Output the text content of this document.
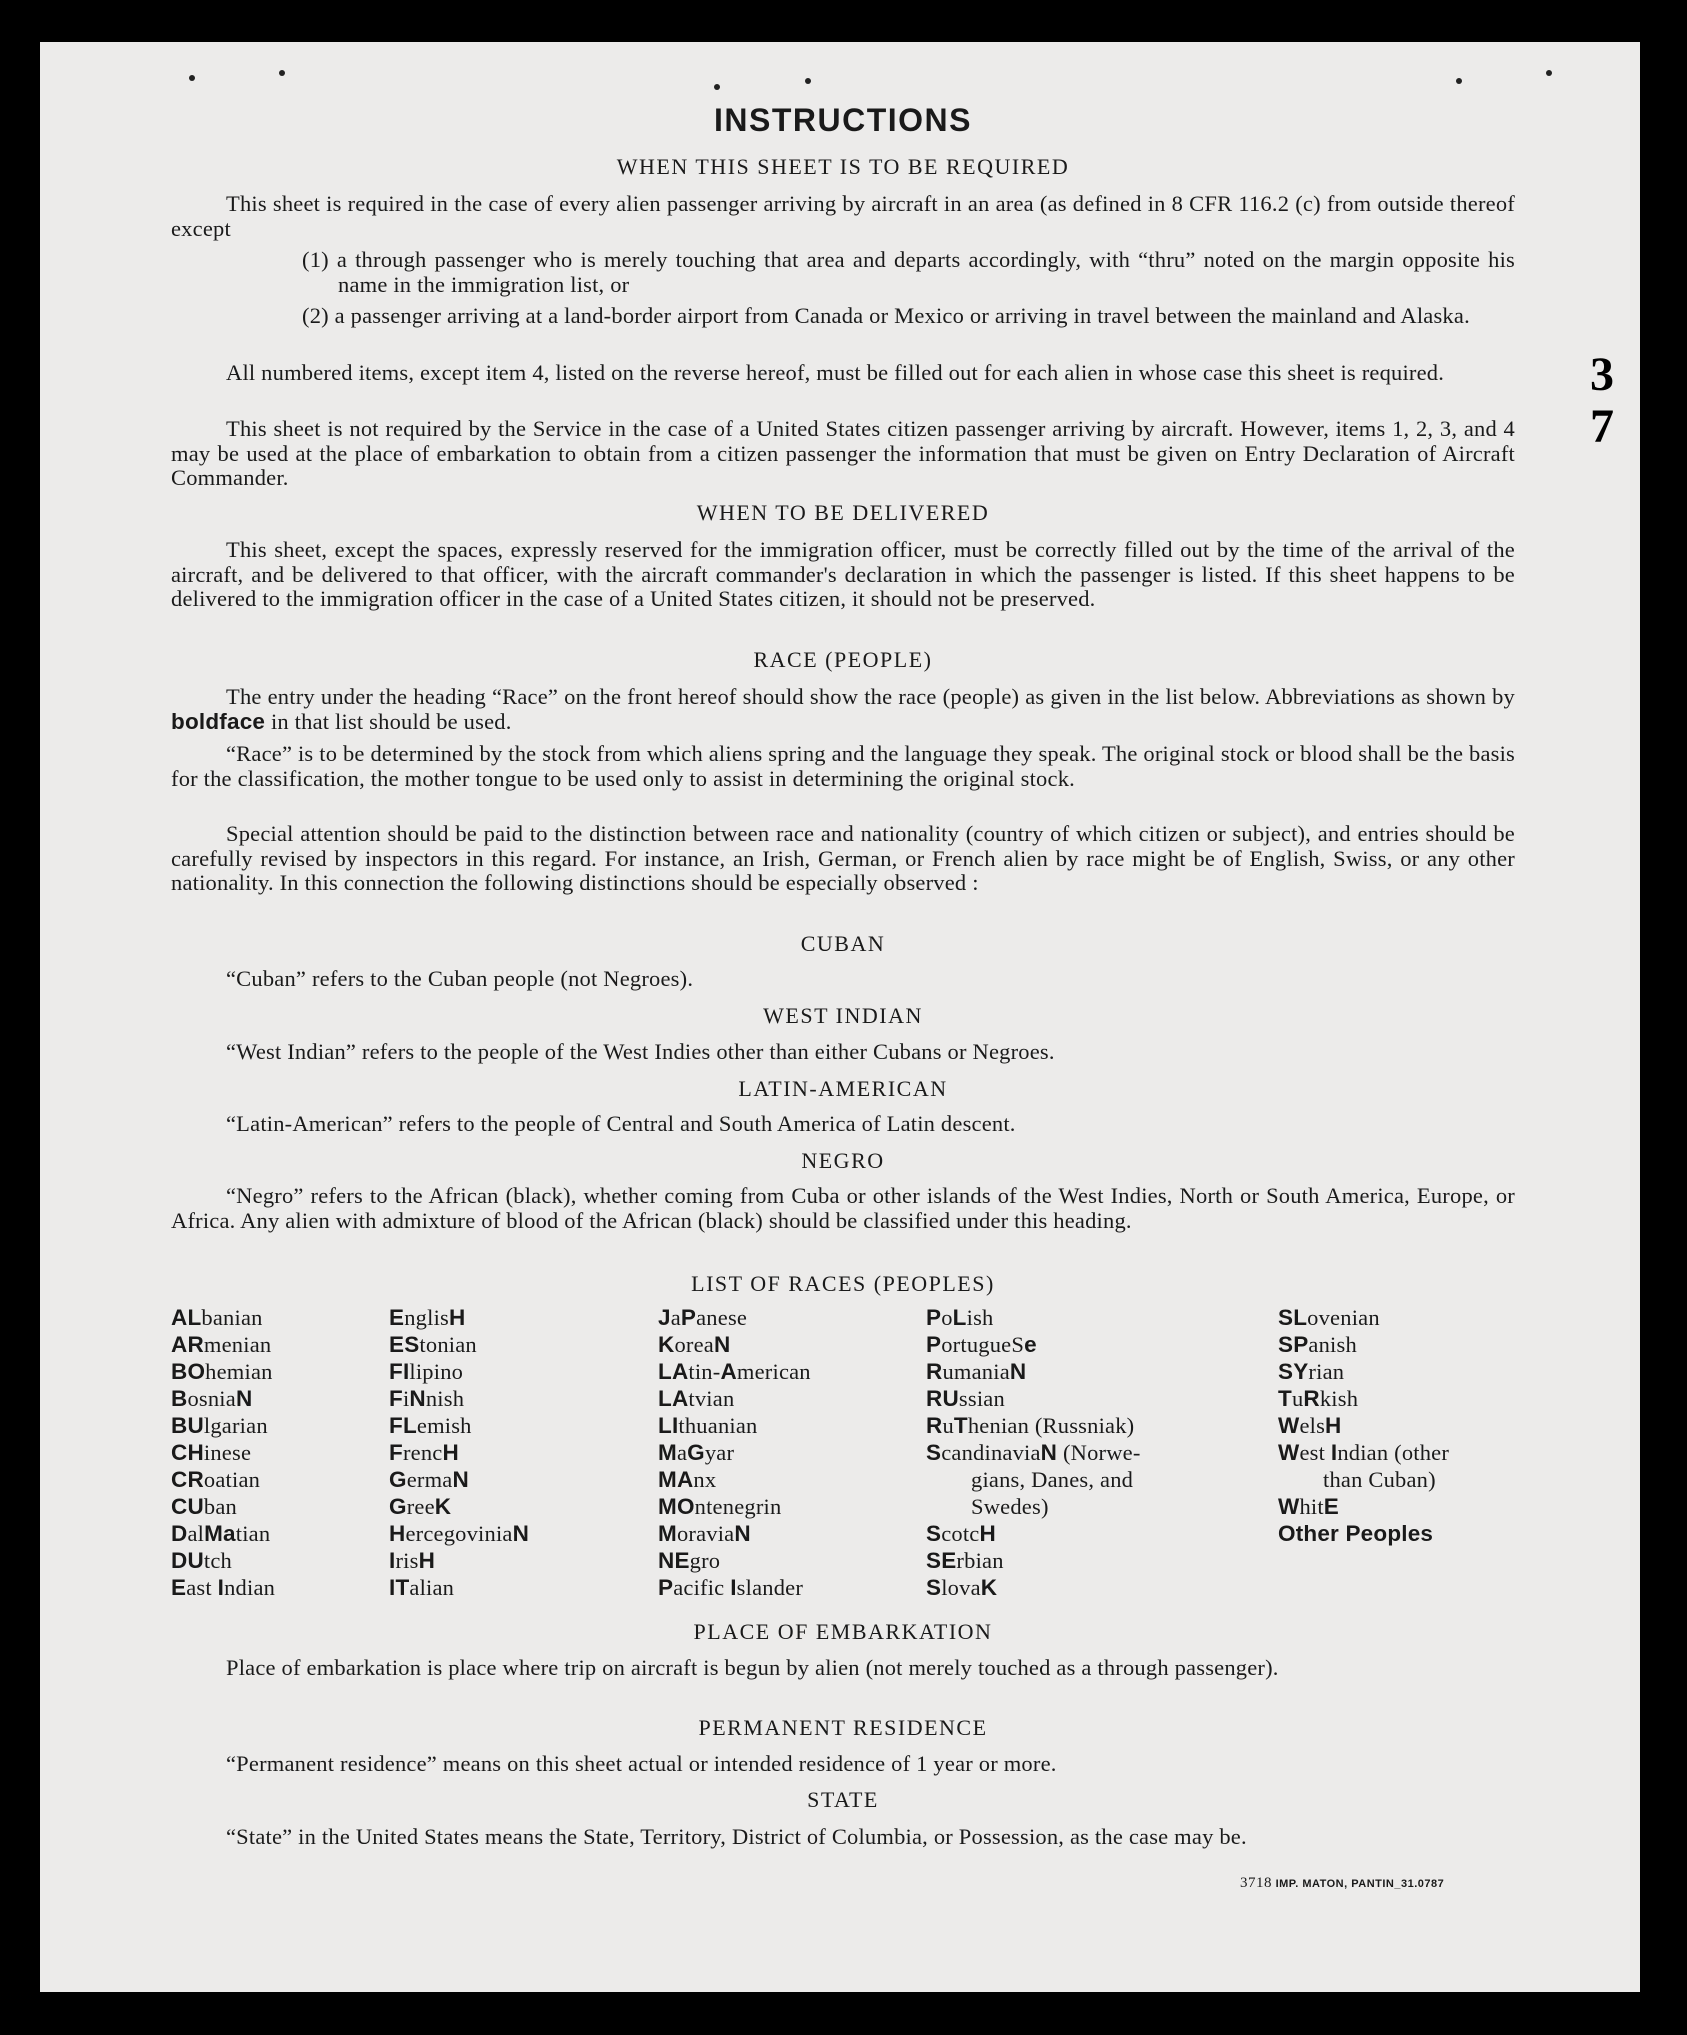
INSTRUCTIONS
WHEN THIS SHEET IS TO BE REQUIRED
This sheet is required in the case of every alien passenger arriving by aircraft in an area (as defined in 8 CFR 116.2 (c) from outside thereof except
(1) a through passenger who is merely touching that area and departs accordingly, with “thru” noted on the margin opposite his name in the immigration list, or
(2) a passenger arriving at a land-border airport from Canada or Mexico or arriving in travel between the mainland and Alaska.
All numbered items, except item 4, listed on the reverse hereof, must be filled out for each alien in whose case this sheet is required.
This sheet is not required by the Service in the case of a United States citizen passenger arriving by aircraft. However, items 1, 2, 3, and 4 may be used at the place of embarkation to obtain from a citizen passenger the information that must be given on Entry Declaration of Aircraft Commander.
WHEN TO BE DELIVERED
This sheet, except the spaces, expressly reserved for the immigration officer, must be correctly filled out by the time of the arrival of the aircraft, and be delivered to that officer, with the aircraft commander's declaration in which the passenger is listed. If this sheet happens to be delivered to the immigration officer in the case of a United States citizen, it should not be preserved.
RACE (PEOPLE)
The entry under the heading “Race” on the front hereof should show the race (people) as given in the list below. Abbreviations as shown by boldface in that list should be used.
“Race” is to be determined by the stock from which aliens spring and the language they speak. The original stock or blood shall be the basis for the classification, the mother tongue to be used only to assist in determining the original stock.
Special attention should be paid to the distinction between race and nationality (country of which citizen or subject), and entries should be carefully revised by inspectors in this regard. For instance, an Irish, German, or French alien by race might be of English, Swiss, or any other nationality. In this connection the following distinctions should be especially observed :
CUBAN
“Cuban” refers to the Cuban people (not Negroes).
WEST INDIAN
“West Indian” refers to the people of the West Indies other than either Cubans or Negroes.
LATIN-AMERICAN
“Latin-American” refers to the people of Central and South America of Latin descent.
NEGRO
“Negro” refers to the African (black), whether coming from Cuba or other islands of the West Indies, North or South America, Europe, or Africa. Any alien with admixture of blood of the African (black) should be classified under this heading.
LIST OF RACES (PEOPLES)
ALbanian
ARmenian
BOhemian
BosniaN
BUlgarian
CHinese
CRoatian
CUban
DalMatian
DUtch
East Indian
EnglisH
EStonian
FIlipino
FiNnish
FLemish
FrencH
GermaN
GreeK
HercegoviniaN
IrisH
ITalian
JaPanese
KoreaN
LAtin-American
LAtvian
LIthuanian
MaGyar
MAnx
MOntenegrin
MoraviaN
NEgro
Pacific Islander
PoLish
PortugueSe
RumaniaN
RUssian
RuThenian (Russniak)
ScandinaviaN (Norwe-
gians, Danes, and
Swedes)
ScotcH
SErbian
SlovaK
SLovenian
SPanish
SYrian
TuRkish
WelsH
West Indian (other
than Cuban)
WhitE
Other Peoples
PLACE OF EMBARKATION
Place of embarkation is place where trip on aircraft is begun by alien (not merely touched as a through passenger).
PERMANENT RESIDENCE
“Permanent residence” means on this sheet actual or intended residence of 1 year or more.
STATE
“State” in the United States means the State, Territory, District of Columbia, or Possession, as the case may be.
3718 IMP. MATON, PANTIN_31.0787
3
7
